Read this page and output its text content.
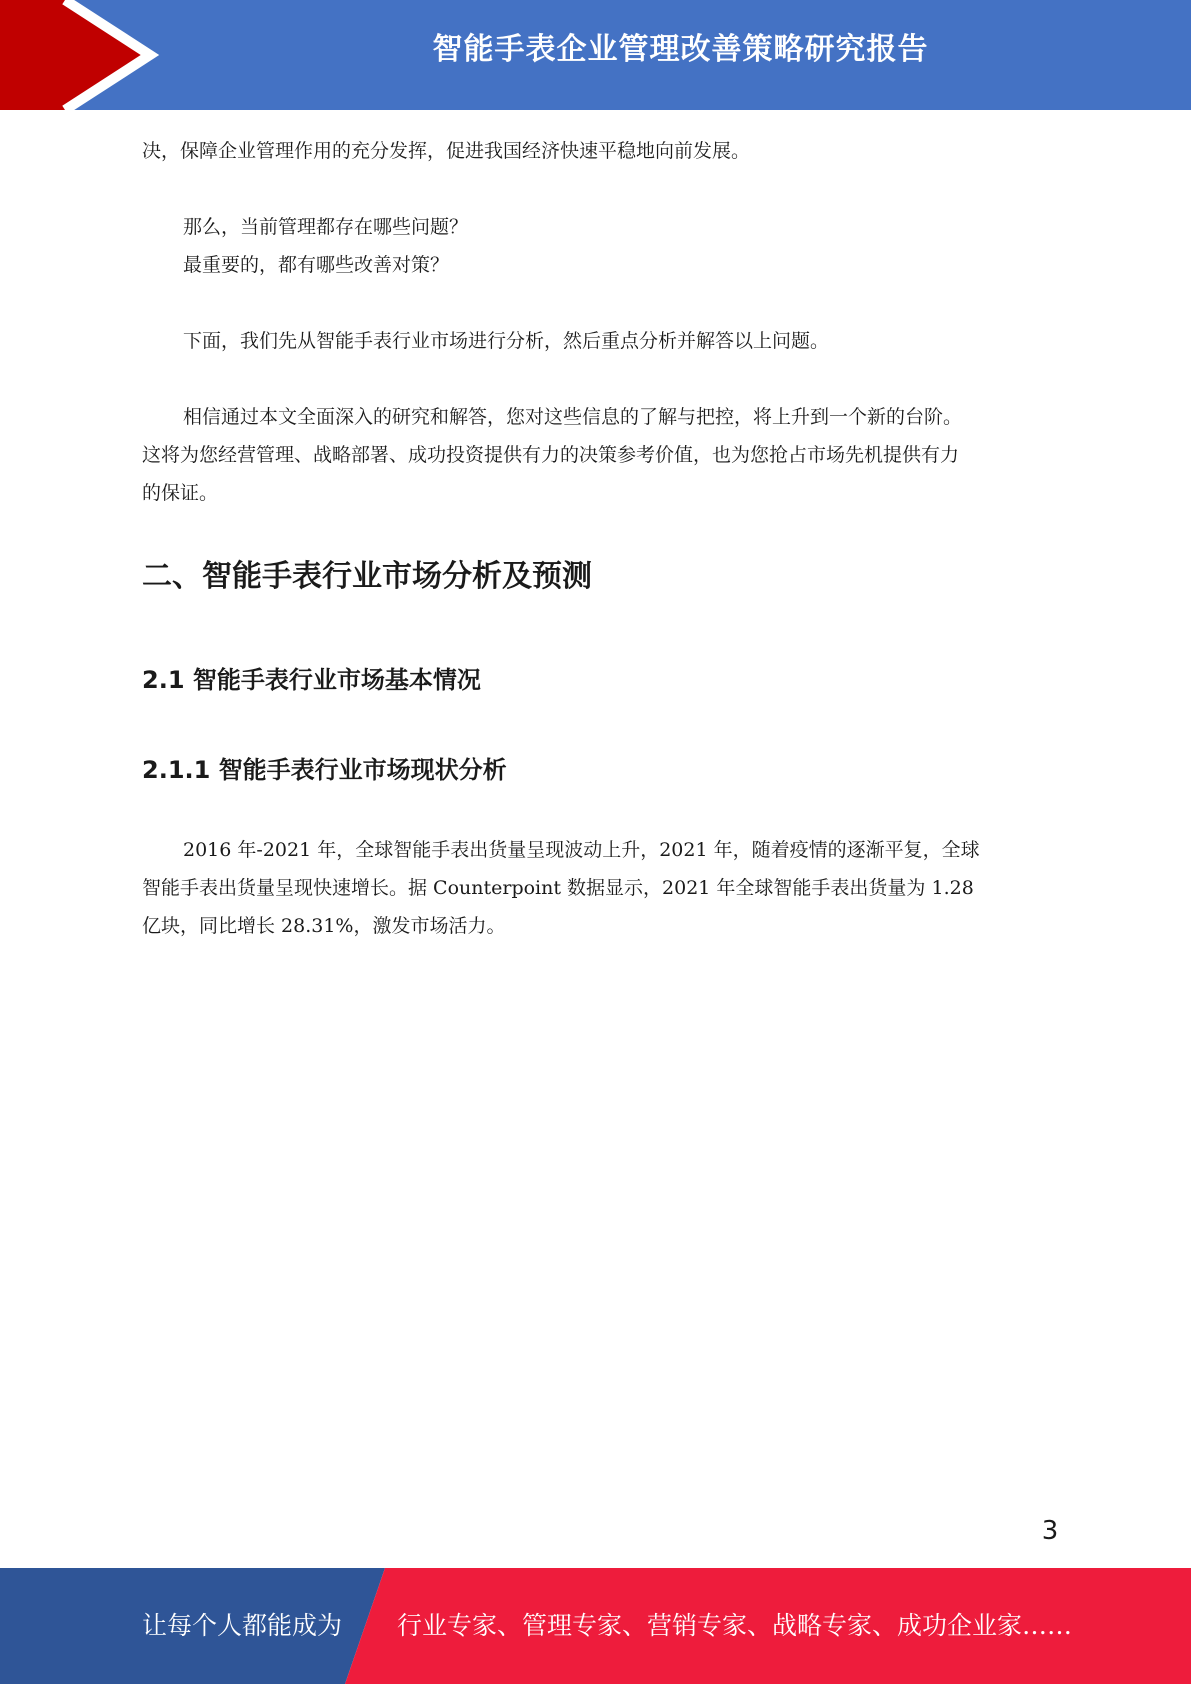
智能手表企业管理改善策略研究报告

决，保障企业管理作用的充分发挥，促进我国经济快速平稳地向前发展。

那么，当前管理都存在哪些问题？

最重要的，都有哪些改善对策？

下面，我们先从智能手表行业市场进行分析，然后重点分析并解答以上问题。

相信通过本文全面深入的研究和解答，您对这些信息的了解与把控，将上升到一个新的台阶。

这将为您经营管理、战略部署、成功投资提供有力的决策参考价值，也为您抢占市场先机提供有力

的保证。

二、智能手表行业市场分析及预测
2.1 智能手表行业市场基本情况
2.1.1 智能手表行业市场现状分析

2016 年-2021 年，全球智能手表出货量呈现波动上升，2021 年，随着疫情的逐渐平复，全球

智能手表出货量呈现快速增长。据 Counterpoint 数据显示，2021 年全球智能手表出货量为 1.28

亿块，同比增长 28.31%，激发市场活力。

3
让每个人都能成为 行业专家、管理专家、营销专家、战略专家、成功企业家……
